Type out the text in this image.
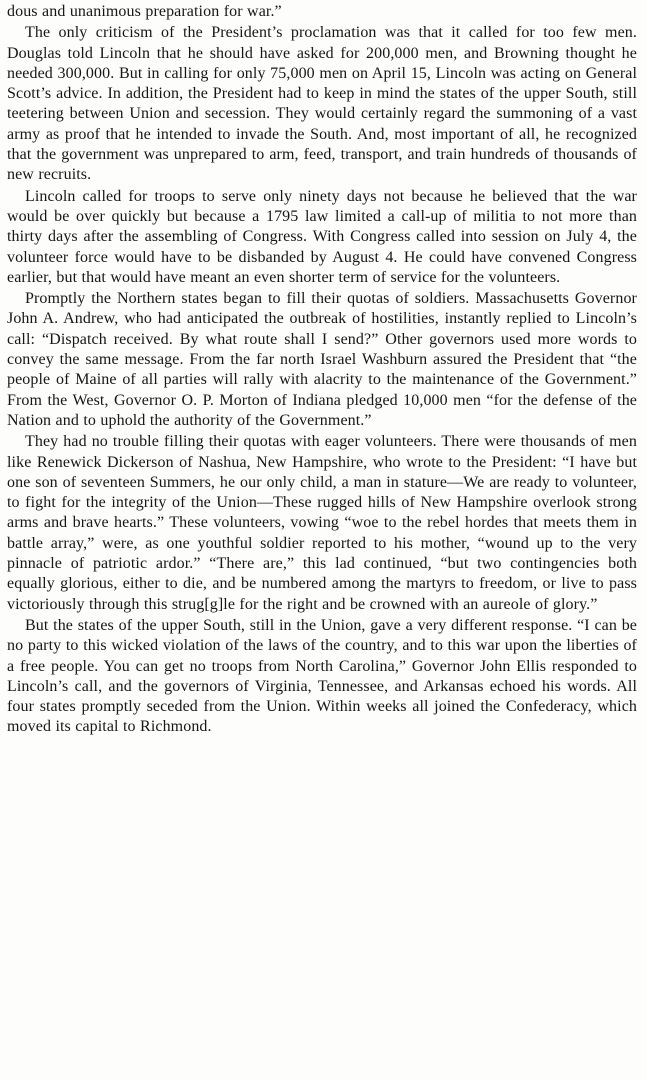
dous and unanimous preparation for war.”

The only criticism of the President’s proclamation was that it called for too few men. Douglas told Lincoln that he should have asked for 200,000 men, and Browning thought he needed 300,000. But in calling for only 75,000 men on April 15, Lincoln was acting on General Scott’s advice. In addition, the President had to keep in mind the states of the upper South, still teetering between Union and secession. They would certainly regard the summoning of a vast army as proof that he intended to invade the South. And, most important of all, he recognized that the government was unprepared to arm, feed, transport, and train hundreds of thousands of new recruits.

Lincoln called for troops to serve only ninety days not because he believed that the war would be over quickly but because a 1795 law limited a call-up of militia to not more than thirty days after the assembling of Congress. With Congress called into session on July 4, the volunteer force would have to be disbanded by August 4. He could have convened Congress earlier, but that would have meant an even shorter term of service for the volunteers.

Promptly the Northern states began to fill their quotas of soldiers. Massachusetts Governor John A. Andrew, who had anticipated the outbreak of hostilities, instantly replied to Lincoln’s call: “Dispatch received. By what route shall I send?” Other governors used more words to convey the same message. From the far north Israel Washburn assured the President that “the people of Maine of all parties will rally with alacrity to the maintenance of the Government.” From the West, Governor O. P. Morton of Indiana pledged 10,000 men “for the defense of the Nation and to uphold the authority of the Government.”

They had no trouble filling their quotas with eager volunteers. There were thousands of men like Renewick Dickerson of Nashua, New Hampshire, who wrote to the President: “I have but one son of seventeen Summers, he our only child, a man in stature—We are ready to volunteer, to fight for the integrity of the Union—These rugged hills of New Hampshire overlook strong arms and brave hearts.” These volunteers, vowing “woe to the rebel hordes that meets them in battle array,” were, as one youthful soldier reported to his mother, “wound up to the very pinnacle of patriotic ardor.” “There are,” this lad continued, “but two contingencies both equally glorious, either to die, and be numbered among the martyrs to freedom, or live to pass victoriously through this strug[g]le for the right and be crowned with an aureole of glory.”

But the states of the upper South, still in the Union, gave a very different response. “I can be no party to this wicked violation of the laws of the country, and to this war upon the liberties of a free people. You can get no troops from North Carolina,” Governor John Ellis responded to Lincoln’s call, and the governors of Virginia, Tennessee, and Arkansas echoed his words. All four states promptly seceded from the Union. Within weeks all joined the Confederacy, which moved its capital to Richmond.
